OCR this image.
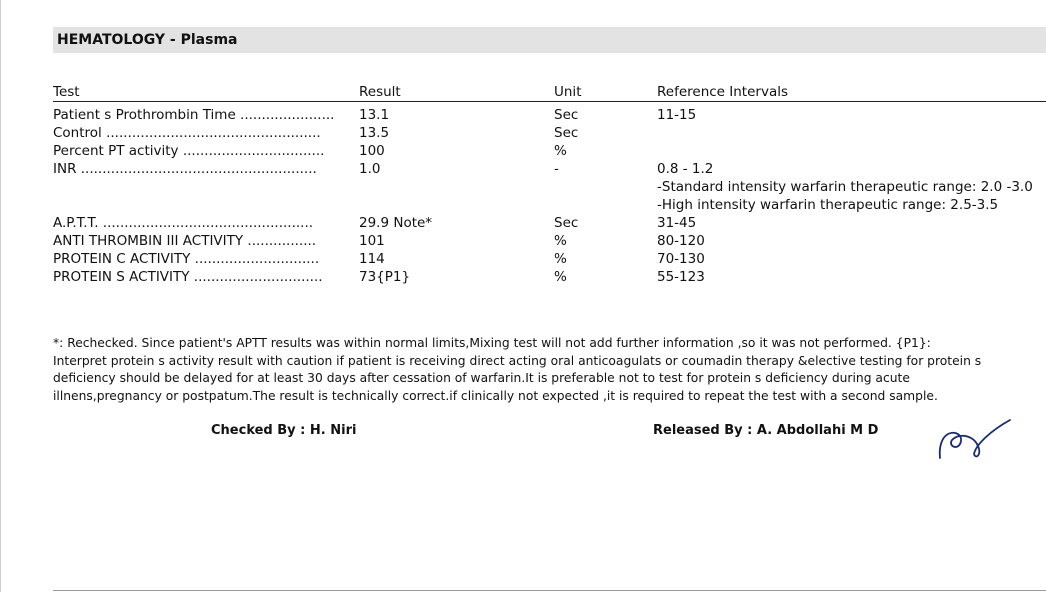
HEMATOLOGY - Plasma
Test	Result	Unit	Reference Intervals
Patient s Prothrombin Time ......................	13.1	Sec	11-15
Control ..................................................	13.5	Sec
Percent PT activity .................................	100	%
INR .......................................................	1.0	-	0.8 - 1.2
-Standard intensity warfarin therapeutic range: 2.0 -3.0
-High intensity warfarin therapeutic range: 2.5-3.5
A.P.T.T. .................................................	29.9 Note*	Sec	31-45
ANTI THROMBIN III ACTIVITY ................	101	%	80-120
PROTEIN C ACTIVITY .............................	114	%	70-130
PROTEIN S ACTIVITY ..............................	73{P1}	%	55-123
*: Rechecked. Since patient's APTT results was within normal limits,Mixing test will not add further information ,so it was not performed. {P1}:
Interpret protein s activity result with caution if patient is receiving direct acting oral anticoagulats or coumadin therapy &elective testing for protein s
deficiency should be delayed for at least 30 days after cessation of warfarin.It is preferable not to test for protein s deficiency during acute
illnens,pregnancy or postpatum.The result is technically correct.if clinically not expected ,it is required to repeat the test with a second sample.
Checked By : H. Niri	Released By : A. Abdollahi M D
